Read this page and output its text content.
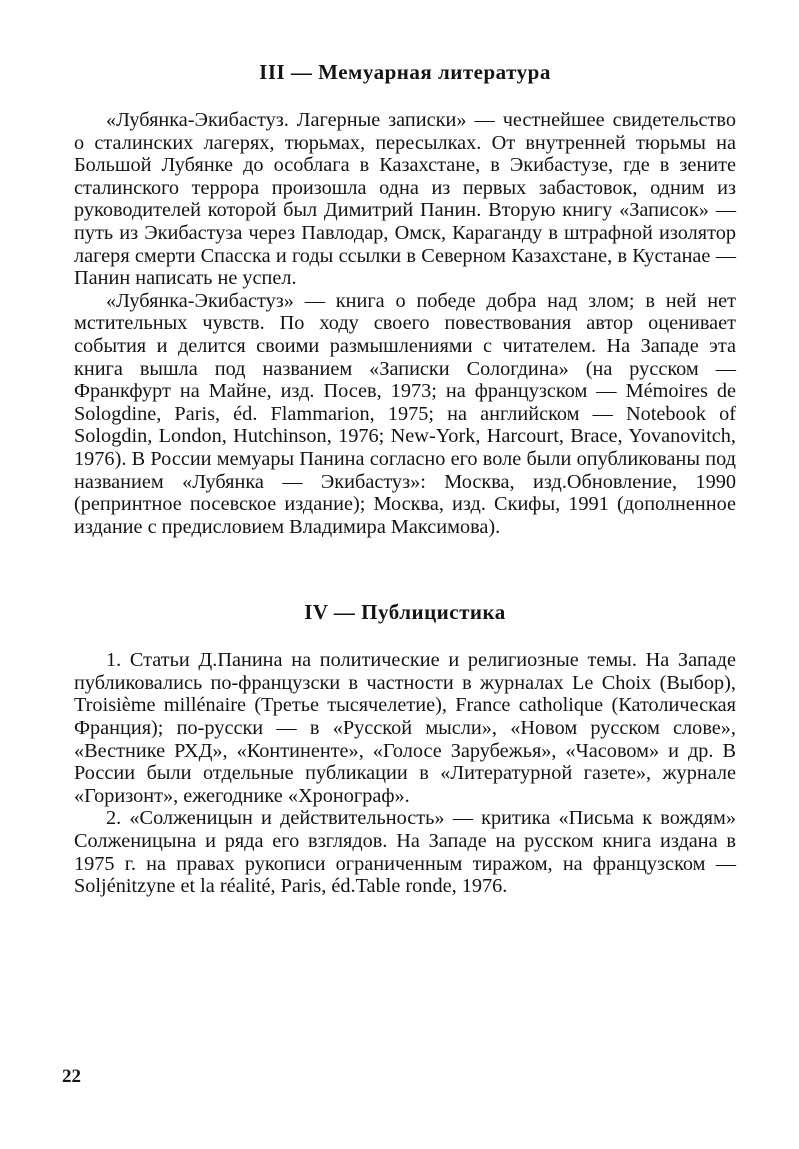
III — Мемуарная литература

«Лубянка-Экибастуз. Лагерные записки» — честнейшее свидетельство о сталинских лагерях, тюрьмах, пересылках. От внутренней тюрьмы на Большой Лубянке до особлага в Казахстане, в Экибастузе, где в зените сталинского террора произошла одна из первых забастовок, одним из руководителей которой был Димитрий Панин. Вторую книгу «Записок» — путь из Экибастуза через Павлодар, Омск, Караганду в штрафной изолятор лагеря смерти Спасска и годы ссылки в Северном Казахстане, в Кустанае — Панин написать не успел.

«Лубянка-Экибастуз» — книга о победе добра над злом; в ней нет мстительных чувств. По ходу своего повествования автор оценивает события и делится своими размышлениями с читателем. На Западе эта книга вышла под названием «Записки Сологдина» (на русском — Франкфурт на Майне, изд. Посев, 1973; на французском — Mémoires de Sologdine, Paris, éd. Flammarion, 1975; на английском — Notebook of Sologdin, London, Hutchinson, 1976; New-York, Harcourt, Brace, Yovanovitch, 1976). В России мемуары Панина согласно его воле были опубликованы под названием «Лубянка — Экибастуз»: Москва, изд.Обновление, 1990 (репринтное посевское издание); Москва, изд. Скифы, 1991 (дополненное издание с предисловием Владимира Максимова).

IV — Публицистика

1. Статьи Д.Панина на политические и религиозные темы. На Западе публиковались по-французски в частности в журналах Le Choix (Выбор), Troisième millénaire (Третье тысячелетие), France catholique (Католическая Франция); по-русски — в «Русской мысли», «Новом русском слове», «Вестнике РХД», «Континенте», «Голосе Зарубежья», «Часовом» и др. В России были отдельные публикации в «Литературной газете», журнале «Горизонт», ежегоднике «Хронограф».

2. «Солженицын и действительность» — критика «Письма к вождям» Солженицына и ряда его взглядов. На Западе на русском книга издана в 1975 г. на правах рукописи ограниченным тиражом, на французском — Soljénitzyne et la réalité, Paris, éd.Table ronde, 1976.

22
